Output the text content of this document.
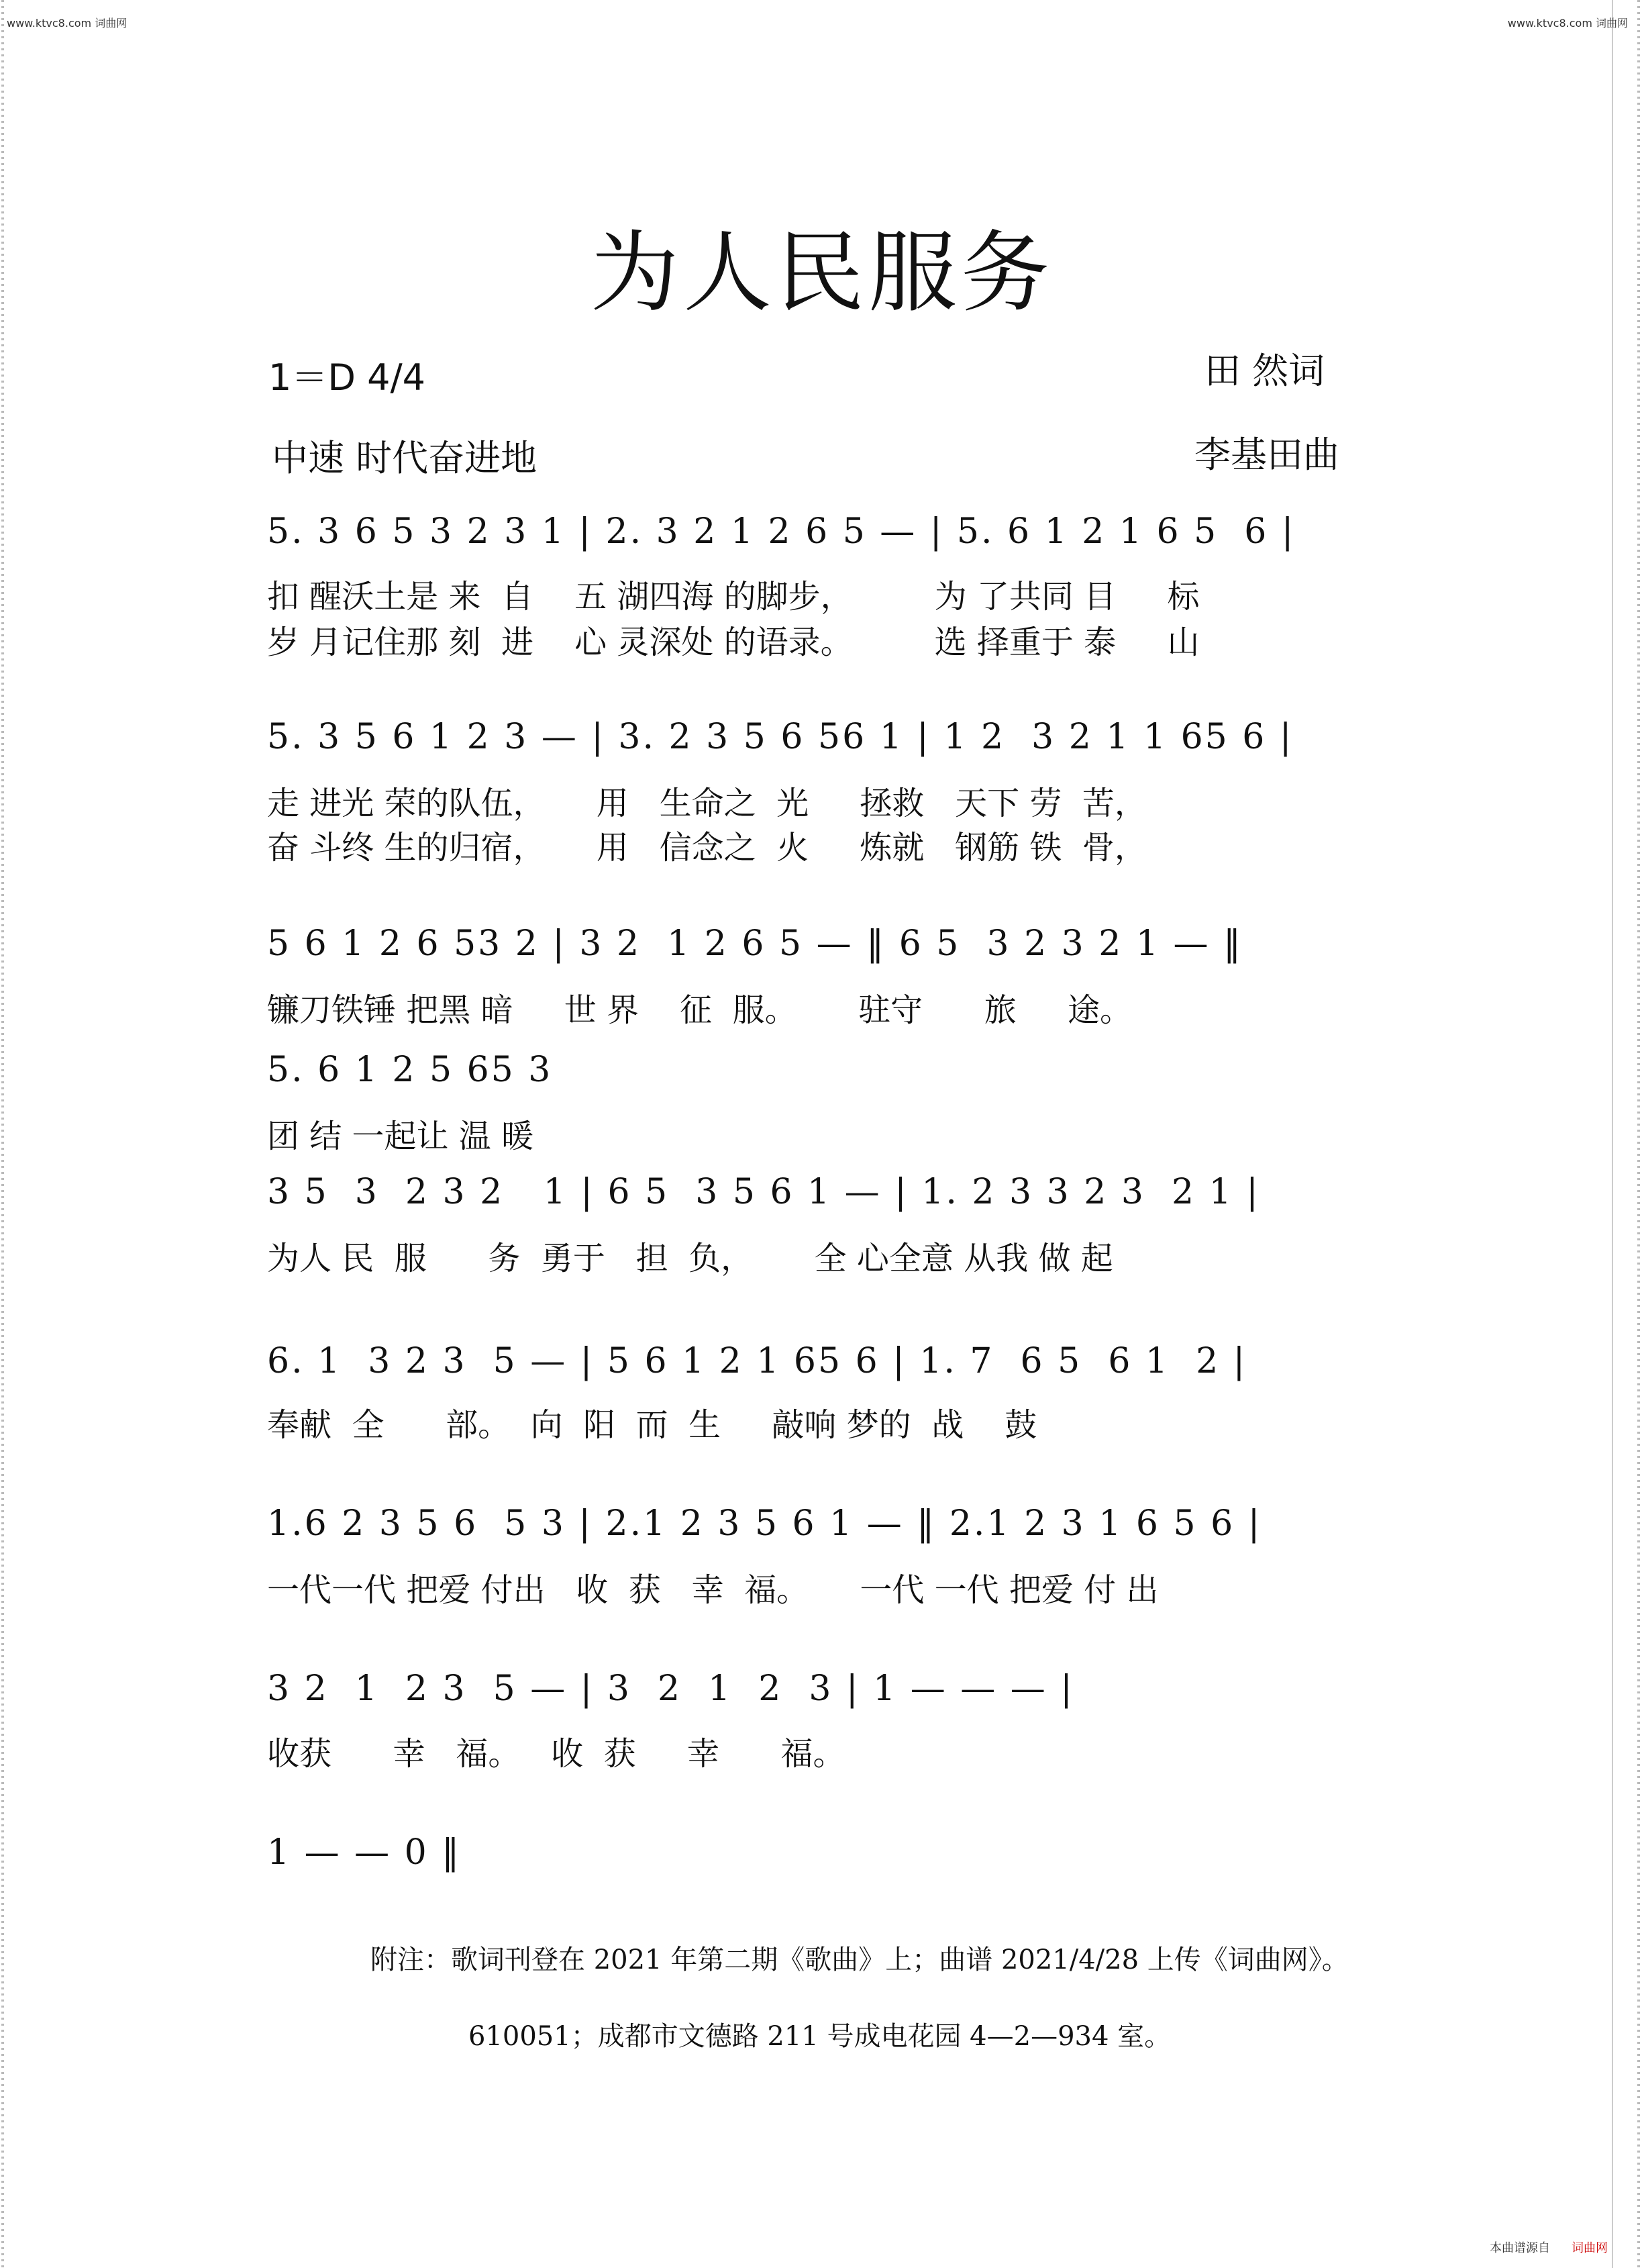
www.ktvc8.com 词曲网	www.ktvc8.com 词曲网
为人民服务
1＝D 4/4
中速 时代奋进地
田 然词
李基田曲
5. 3 6 5 3 2 3 1 | 2. 3 2 1 2 6 5 — | 5. 6 1 2 1 6 5  6 |
扣 醒沃土是 来  自    五 湖四海 的脚步，        为 了共同 目     标
岁 月记住那 刻  进    心 灵深处 的语录。        选 择重于 泰     山
5. 3 5 6 1 2 3 — | 3. 2 3 5 6 56 1 | 1 2  3 2 1 1 65 6 |
走 进光 荣的队伍，     用   生命之  光     拯救   天下 劳  苦，
奋 斗终 生的归宿，     用   信念之  火     炼就   钢筋 铁  骨，
5 6 1 2 6 53 2 | 3 2  1 2 6 5 — ‖ 6 5  3 2 3 2 1 — ‖
镰刀铁锤 把黑 暗     世 界    征  服。      驻守      旅     途。
5. 6 1 2 5 65 3
团 结 一起让 温 暖
3 5  3  2 3 2   1 | 6 5  3 5 6 1 — | 1. 2 3 3 2 3  2 1 |
为人 民  服      务  勇于   担  负，      全 心全意 从我 做 起
6. 1  3 2 3  5 — | 5 6 1 2 1 65 6 | 1. 7  6 5  6 1  2 |
奉献  全      部。  向  阳  而  生     敲响 梦的  战    鼓
1.6 2 3 5 6  5 3 | 2.1 2 3 5 6 1 — ‖ 2.1 2 3 1 6 5 6 |
一代一代 把爱 付出   收  获   幸  福。     一代 一代 把爱 付 出
3 2  1  2 3  5 — | 3  2  1  2  3 | 1 — — — |
收获      幸   福。   收  获     幸      福。
1 — — 0 ‖
附注：歌词刊登在 2021 年第二期《歌曲》上；曲谱 2021/4/28 上传《词曲网》。
610051；成都市文德路 211 号成电花园 4—2—934 室。
本曲谱源自 词曲网
